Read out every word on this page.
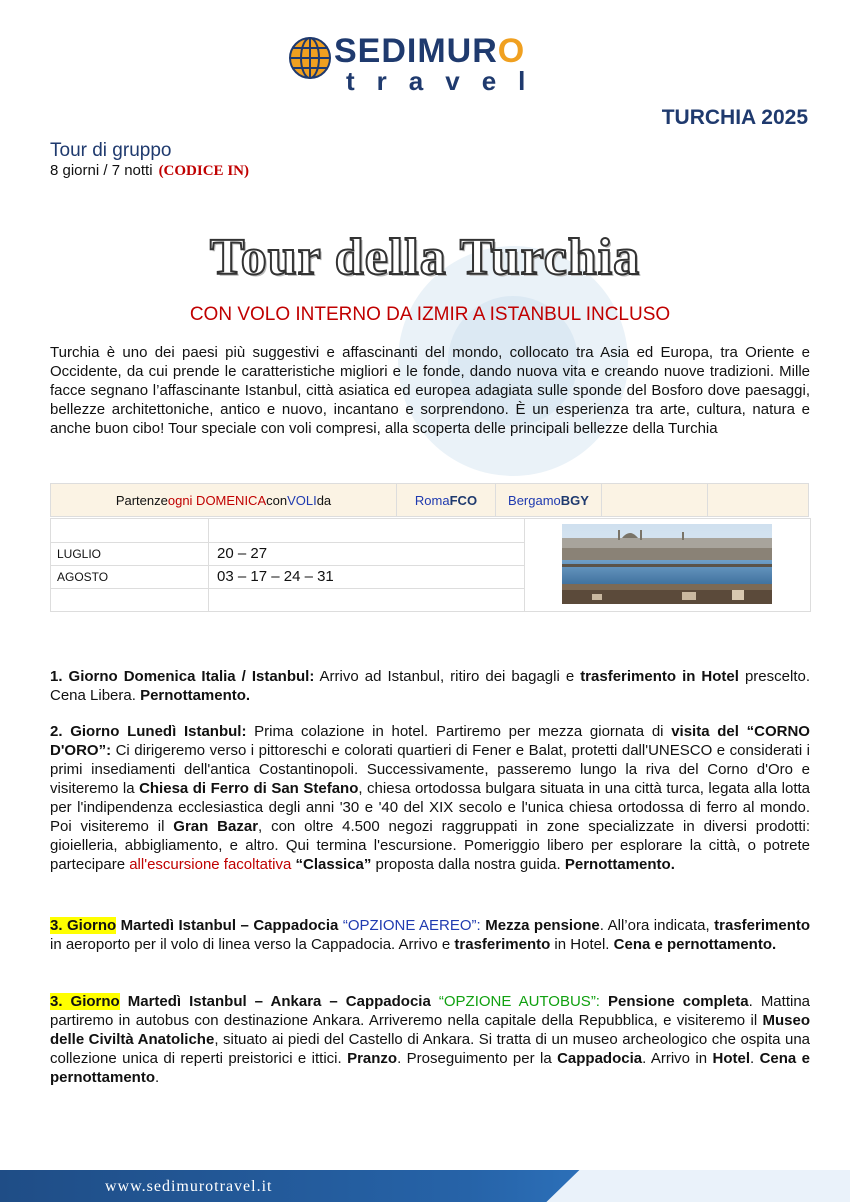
SEDIMURO
travel
TURCHIA 2025
Tour di gruppo
8 giorni / 7 notti (CODICE IN)
Tour della Turchia
CON VOLO INTERNO DA IZMIR A ISTANBUL INCLUSO
Turchia è uno dei paesi più suggestivi e affascinanti del mondo, collocato tra Asia ed Europa, tra Oriente e Occidente, da cui prende le caratteristiche migliori e le fonde, dando nuova vita e creando nuove tradizioni. Mille facce segnano l’affascinante Istanbul, città asiatica ed europea adagiata sulle sponde del Bosforo dove paesaggi, bellezze architettoniche, antico e nuovo, incantano e sorprendono. È un esperienza tra arte, cultura, natura e anche buon cibo! Tour speciale con voli compresi, alla scoperta delle principali bellezze della Turchia
Partenze ogni DOMENICA con VOLI da	Roma FCO Bergamo BGY
LUGLIO	20 – 27
AGOSTO	03 – 17 – 24 – 31
1. Giorno Domenica Italia / Istanbul: Arrivo ad Istanbul, ritiro dei bagagli e trasferimento in Hotel prescelto. Cena Libera. Pernottamento.
2. Giorno Lunedì Istanbul: Prima colazione in hotel. Partiremo per mezza giornata di visita del “CORNO D'ORO”: Ci dirigeremo verso i pittoreschi e colorati quartieri di Fener e Balat, protetti dall'UNESCO e considerati i primi insediamenti dell'antica Costantinopoli. Successivamente, passeremo lungo la riva del Corno d'Oro e visiteremo la Chiesa di Ferro di San Stefano, chiesa ortodossa bulgara situata in una città turca, legata alla lotta per l'indipendenza ecclesiastica degli anni '30 e '40 del XIX secolo e l'unica chiesa ortodossa di ferro al mondo. Poi visiteremo il Gran Bazar, con oltre 4.500 negozi raggruppati in zone specializzate in diversi prodotti: gioielleria, abbigliamento, e altro. Qui termina l'escursione. Pomeriggio libero per esplorare la città, o potrete partecipare all'escursione facoltativa “Classica” proposta dalla nostra guida. Pernottamento.
3. Giorno Martedì Istanbul – Cappadocia “OPZIONE AEREO”: Mezza pensione. All’ora indicata, trasferimento in aeroporto per il volo di linea verso la Cappadocia. Arrivo e trasferimento in Hotel. Cena e pernottamento.
3. Giorno Martedì Istanbul – Ankara – Cappadocia “OPZIONE AUTOBUS”: Pensione completa. Mattina partiremo in autobus con destinazione Ankara. Arriveremo nella capitale della Repubblica, e visiteremo il Museo delle Civiltà Anatoliche, situato ai piedi del Castello di Ankara. Si tratta di un museo archeologico che ospita una collezione unica di reperti preistorici e ittici. Pranzo. Proseguimento per la Cappadocia. Arrivo in Hotel. Cena e pernottamento.
www.sedimurotravel.it
